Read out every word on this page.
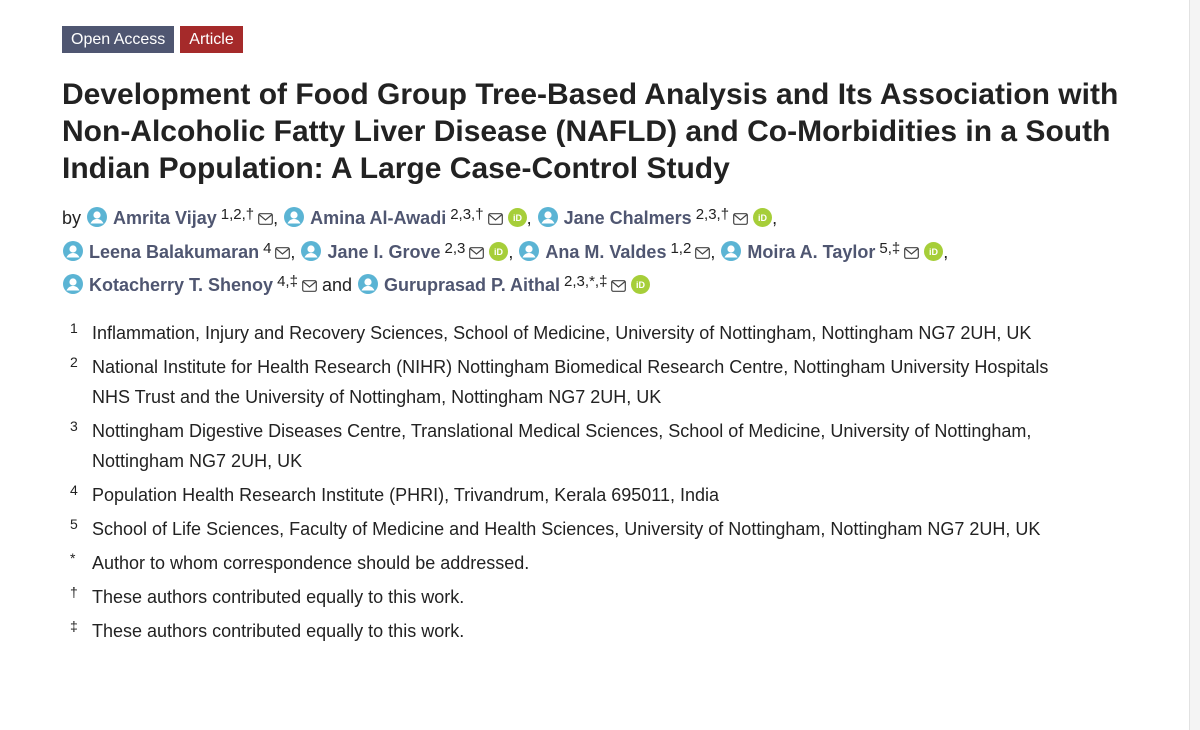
Open Access	Article
Development of Food Group Tree-Based Analysis and Its Association with Non-Alcoholic Fatty Liver Disease (NAFLD) and Co-Morbidities in a South Indian Population: A Large Case-Control Study
by Amrita Vijay $^{1,2,\dagger}$ , Amina Al-Awadi $^{2,3,\dagger}$	iD , Jane Chalmers $^{2,3,\dagger}$	iD ,
Leena Balakumaran $^4$ , Jane I. Grove $^{2,3}$	iD , Ana M. Valdes $^{1,2}$ , Moira A. Taylor $^{5,\ddagger}$	iD ,
Kotacherry T. Shenoy $^{4,\ddagger}$ and Guruprasad P. Aithal $^{2,3,*,\ddagger}$	iD
1 Inflammation, Injury and Recovery Sciences, School of Medicine, University of Nottingham, Nottingham NG7 2UH, UK
2 National Institute for Health Research (NIHR) Nottingham Biomedical Research Centre, Nottingham University Hospitals NHS Trust and the University of Nottingham, Nottingham NG7 2UH, UK
3 Nottingham Digestive Diseases Centre, Translational Medical Sciences, School of Medicine, University of Nottingham, Nottingham NG7 2UH, UK
4 Population Health Research Institute (PHRI), Trivandrum, Kerala 695011, India
5 School of Life Sciences, Faculty of Medicine and Health Sciences, University of Nottingham, Nottingham NG7 2UH, UK
* Author to whom correspondence should be addressed.
† These authors contributed equally to this work.
‡ These authors contributed equally to this work.
